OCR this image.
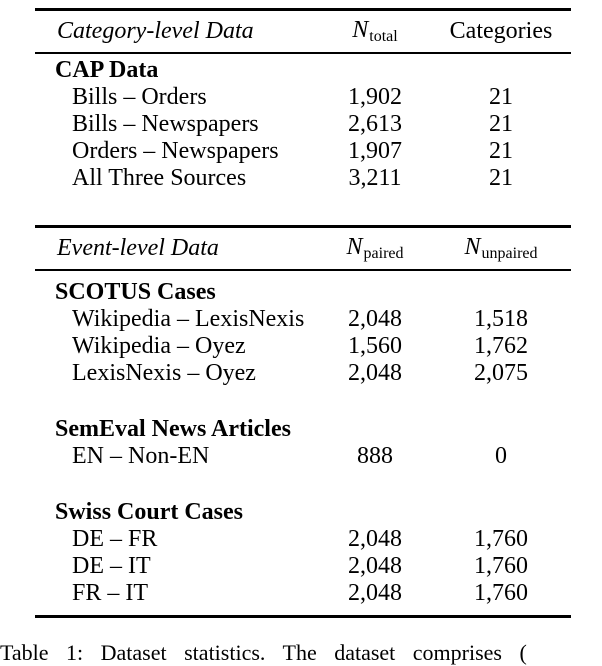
Category-level Data	Ntotal	Categories
CAP Data
Bills – Orders	1,902	21
Bills – Newspapers	2,613	21
Orders – Newspapers	1,907	21
All Three Sources	3,211	21
Event-level Data	Npaired	Nunpaired
SCOTUS Cases
Wikipedia – LexisNexis	2,048	1,518
Wikipedia – Oyez	1,560	1,762
LexisNexis – Oyez	2,048	2,075
SemEval News Articles
EN – Non-EN	888	0
Swiss Court Cases
DE – FR	2,048	1,760
DE – IT	2,048	1,760
FR – IT	2,048	1,760
Table 1: Dataset statistics. The dataset comprises (
